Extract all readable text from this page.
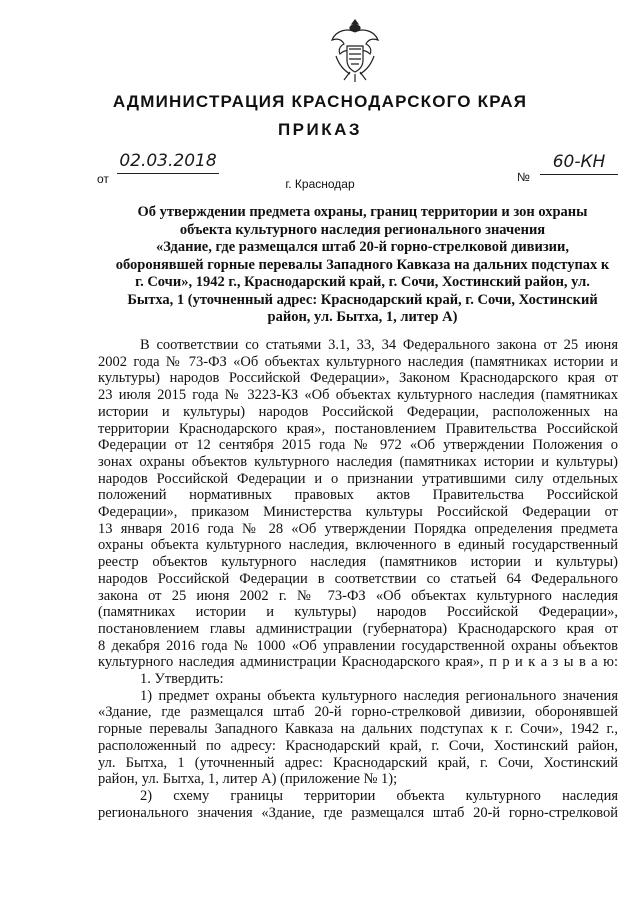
АДМИНИСТРАЦИЯ КРАСНОДАРСКОГО КРАЯ
ПРИКАЗ
от
02.03.2018
№
60-КН
г. Краснодар
Об утверждении предмета охраны, границ территории и зон охраны
объекта культурного наследия регионального значения
«Здание, где размещался штаб 20-й горно-стрелковой дивизии,
оборонявшей горные перевалы Западного Кавказа на дальних подступах к
г. Сочи», 1942 г., Краснодарский край, г. Сочи, Хостинский район, ул.
Бытха, 1 (уточненный адрес: Краснодарский край, г. Сочи, Хостинский
район, ул. Бытха, 1, литер А)
В соответствии со статьями 3.1, 33, 34 Федерального закона от 25 июня
2002 года № 73-ФЗ «Об объектах культурного наследия (памятниках истории и
культуры) народов Российской Федерации», Законом Краснодарского края от
23 июля 2015 года № 3223-КЗ «Об объектах культурного наследия (памятниках
истории и культуры) народов Российской Федерации, расположенных на
территории Краснодарского края», постановлением Правительства Российской
Федерации от 12 сентября 2015 года № 972 «Об утверждении Положения о
зонах охраны объектов культурного наследия (памятниках истории и культуры)
народов Российской Федерации и о признании утратившими силу отдельных
положений нормативных правовых актов Правительства Российской
Федерации», приказом Министерства культуры Российской Федерации от
13 января 2016 года № 28 «Об утверждении Порядка определения предмета
охраны объекта культурного наследия, включенного в единый государственный
реестр объектов культурного наследия (памятников истории и культуры)
народов Российской Федерации в соответствии со статьей 64 Федерального
закона от 25 июня 2002 г. № 73-ФЗ «Об объектах культурного наследия
(памятниках истории и культуры) народов Российской Федерации»,
постановлением главы администрации (губернатора) Краснодарского края от
8 декабря 2016 года № 1000 «Об управлении государственной охраны объектов
культурного наследия администрации Краснодарского края», п р и к а з ы в а ю:
1. Утвердить:
1) предмет охраны объекта культурного наследия регионального значения
«Здание, где размещался штаб 20-й горно-стрелковой дивизии, оборонявшей
горные перевалы Западного Кавказа на дальних подступах к г. Сочи», 1942 г.,
расположенный по адресу: Краснодарский край, г. Сочи, Хостинский район,
ул. Бытха, 1 (уточненный адрес: Краснодарский край, г. Сочи, Хостинский
район, ул. Бытха, 1, литер А) (приложение № 1);
2) схему границы территории объекта культурного наследия
регионального значения «Здание, где размещался штаб 20-й горно-стрелковой
